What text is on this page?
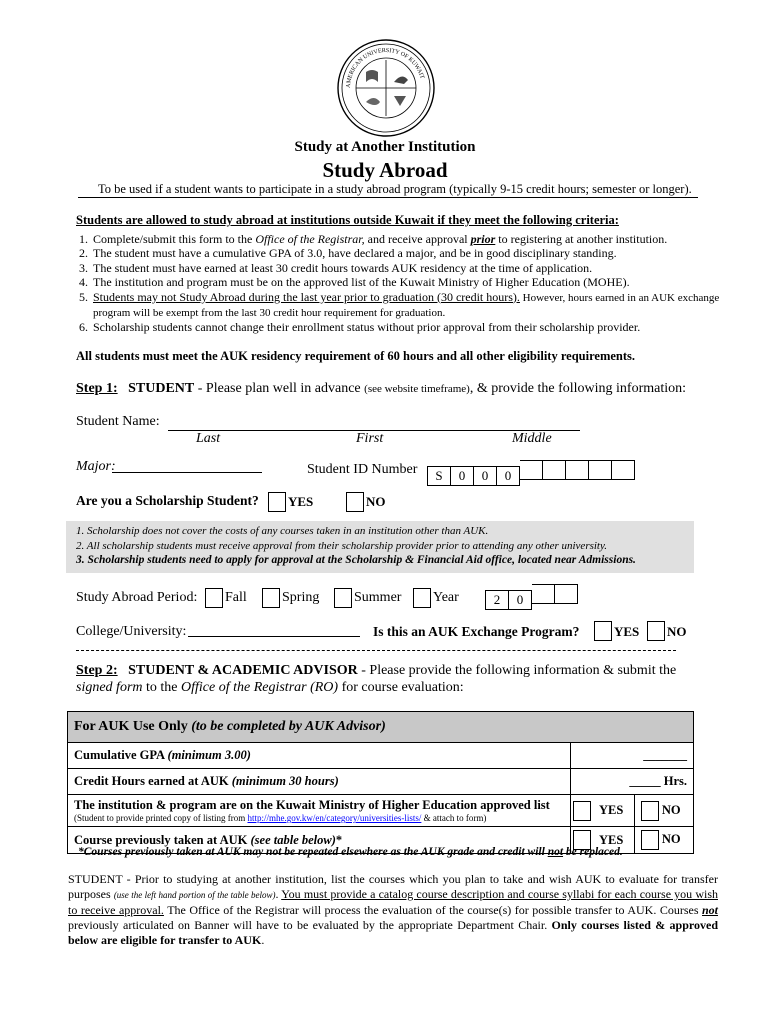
AMERICAN UNIVERSITY OF KUWAIT
Study at Another Institution
Study Abroad
To be used if a student wants to participate in a study abroad program (typically 9-15 credit hours; semester or longer).
Students are allowed to study abroad at institutions outside Kuwait if they meet the following criteria:
1. Complete/submit this form to the Office of the Registrar, and receive approval prior to registering at another institution.
2. The student must have a cumulative GPA of 3.0, have declared a major, and be in good disciplinary standing.
3. The student must have earned at least 30 credit hours towards AUK residency at the time of application.
4. The institution and program must be on the approved list of the Kuwait Ministry of Higher Education (MOHE).
5. Students may not Study Abroad during the last year prior to graduation (30 credit hours). However, hours earned in an AUK exchange program will be exempt from the last 30 credit hour requirement for graduation.
6. Scholarship students cannot change their enrollment status without prior approval from their scholarship provider.
All students must meet the AUK residency requirement of 60 hours and all other eligibility requirements.
Step 1: STUDENT - Please plan well in advance (see website timeframe), & provide the following information:
Student Name:
Last	First	Middle
Major:	Student ID Number	S 0 0 0
Are you a Scholarship Student? YES	NO
1. Scholarship does not cover the costs of any courses taken in an institution other than AUK.
2. All scholarship students must receive approval from their scholarship provider prior to attending any other university.
3. Scholarship students need to apply for approval at the Scholarship & Financial Aid office, located near Admissions.
Study Abroad Period: Fall	Spring Summer Year	2 0
College/University:	Is this an AUK Exchange Program?	YES NO
Step 2: STUDENT & ACADEMIC ADVISOR - Please provide the following information & submit the signed form to the Office of the Registrar (RO) for course evaluation:
For AUK Use Only (to be completed by AUK Advisor)			
Cumulative GPA (minimum 3.00)	_______		
Credit Hours earned at AUK (minimum 30 hours)	_____ Hrs.		

The institution & program are on the Kuwait Ministry of Higher Education approved list
(Student to provide printed copy of listing from http://mhe.gov.kw/en/category/universities-lists/ & attach to form)		YES	NO
Course previously taken at AUK (see table below)*		YES	NO
*Courses previously taken at AUK may not be repeated elsewhere as the AUK grade and credit will not be replaced.
STUDENT - Prior to studying at another institution, list the courses which you plan to take and wish AUK to evaluate for transfer purposes (use the left hand portion of the table below). You must provide a catalog course description and course syllabi for each course you wish to receive approval. The Office of the Registrar will process the evaluation of the course(s) for possible transfer to AUK. Courses not previously articulated on Banner will have to be evaluated by the appropriate Department Chair. Only courses listed & approved below are eligible for transfer to AUK.
